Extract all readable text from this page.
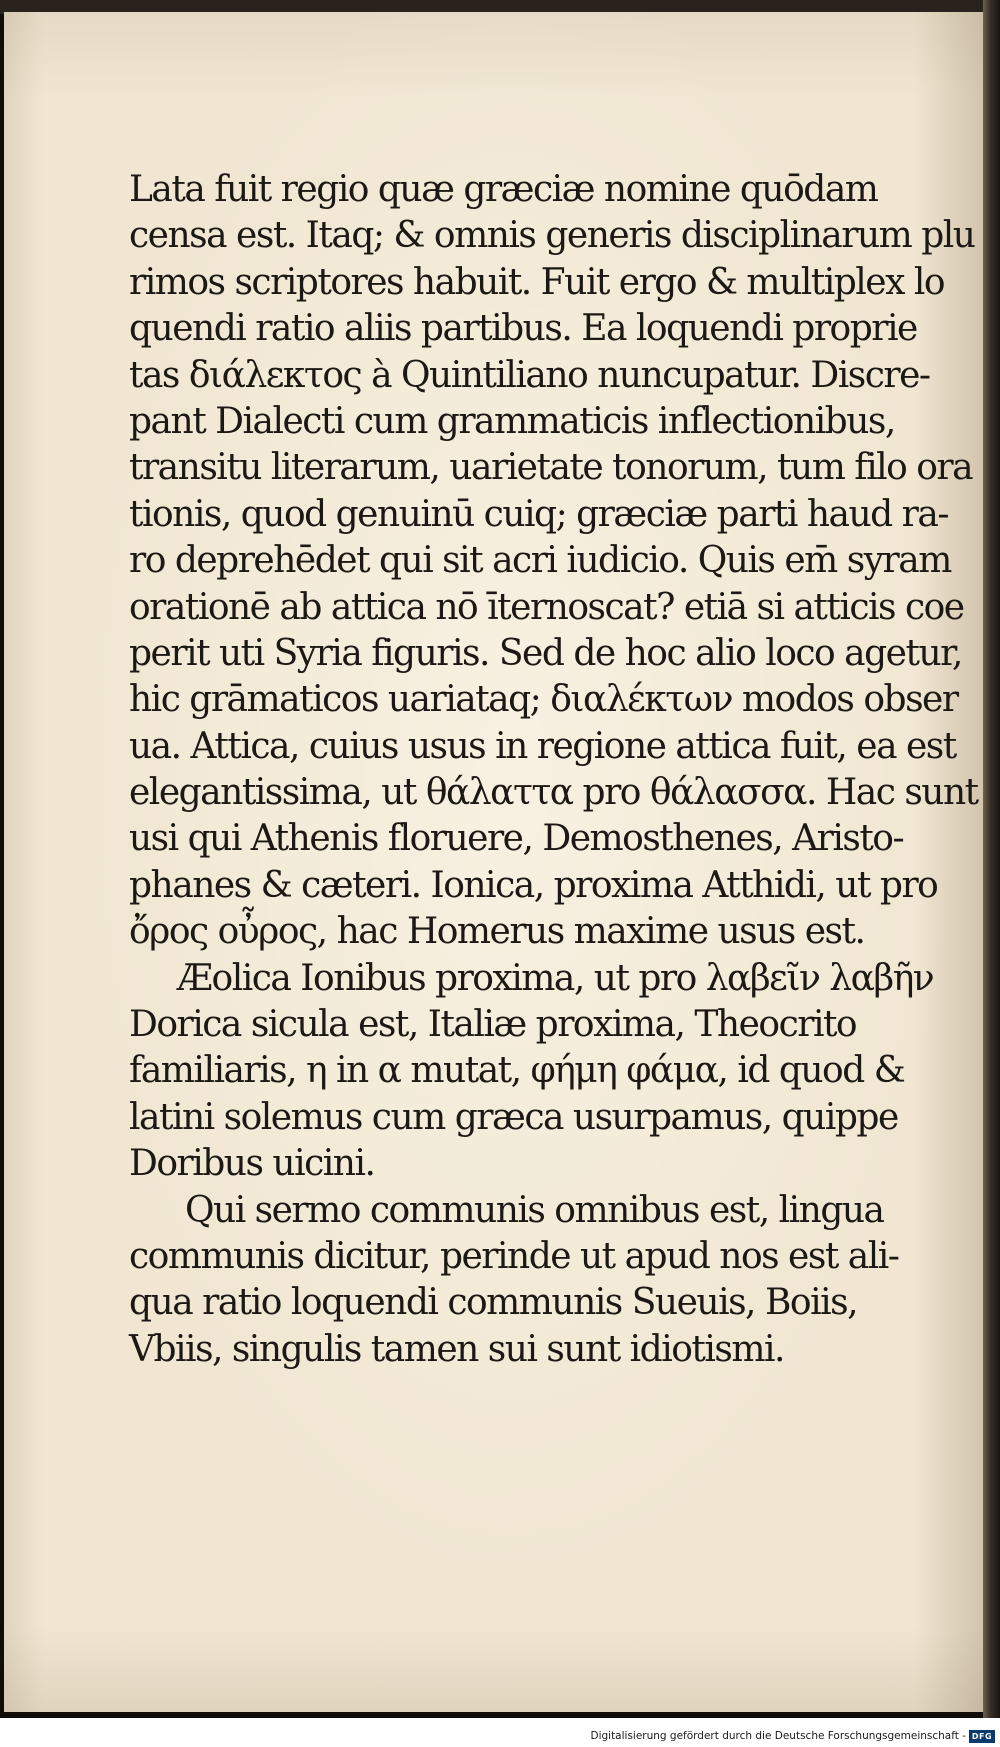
Lata fuit regio quæ græciæ nomine quōdam
censa est. Itaq; & omnis generis disciplinarum plu
rimos scriptores habuit. Fuit ergo & multiplex lo
quendi ratio aliis partibus. Ea loquendi proprie
tas διάλεκτος à Quintiliano nuncupatur. Discre-
pant Dialecti cum grammaticis inflectionibus,
transitu literarum, uarietate tonorum, tum filo ora
tionis, quod genuinū cuiq; græciæ parti haud ra-
ro deprehēdet qui sit acri iudicio. Quis em̄ syram
orationē ab attica nō īternoscat? etiā si atticis coe
perit uti Syria figuris. Sed de hoc alio loco agetur,
hic grāmaticos uariataq; διαλέκτων modos obser
ua. Attica, cuius usus in regione attica fuit, ea est
elegantissima, ut θάλαττα pro θάλασσα. Hac sunt
usi qui Athenis floruere, Demosthenes, Aristo-
phanes & cæteri. Ionica, proxima Atthidi, ut pro
ὄρος οὖρος, hac Homerus maxime usus est.
Æolica Ionibus proxima, ut pro λαβεῖν λαβῆν
Dorica sicula est, Italiæ proxima, Theocrito
familiaris, η in α mutat, φήμη φάμα, id quod &
latini solemus cum græca usurpamus, quippe
Doribus uicini.
Qui sermo communis omnibus est, lingua
communis dicitur, perinde ut apud nos est ali-
qua ratio loquendi communis Sueuis, Boiis,
Vbiis, singulis tamen sui sunt idiotismi.
Digitalisierung gefördert durch die Deutsche Forschungsgemeinschaft - DFG
